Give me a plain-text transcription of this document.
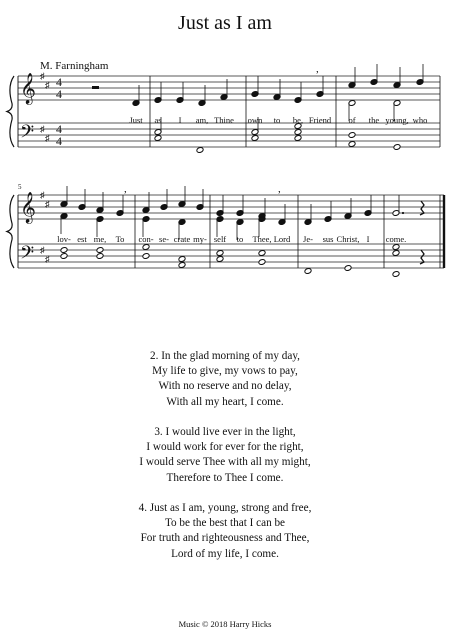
Just as I am
M. Farningham
𝄞
𝄢
♯
♯
♯
♯
𝄞
𝄢
♯
♯
♯
♯
4
4
4
4
5

,
,	,
Just as I am, Thine own to be, Friend of the young, who
lov- est me, To con- se- crate my- self to Thee, Lord Je- sus Christ, I come.
2. In the glad morning of my day,
My life to give, my vows to pay,
With no reserve and no delay,
With all my heart, I come.
3. I would live ever in the light,
I would work for ever for the right,
I would serve Thee with all my might,
Therefore to Thee I come.
4. Just as I am, young, strong and free,
To be the best that I can be
For truth and righteousness and Thee,
Lord of my life, I come.
Music © 2018 Harry Hicks
